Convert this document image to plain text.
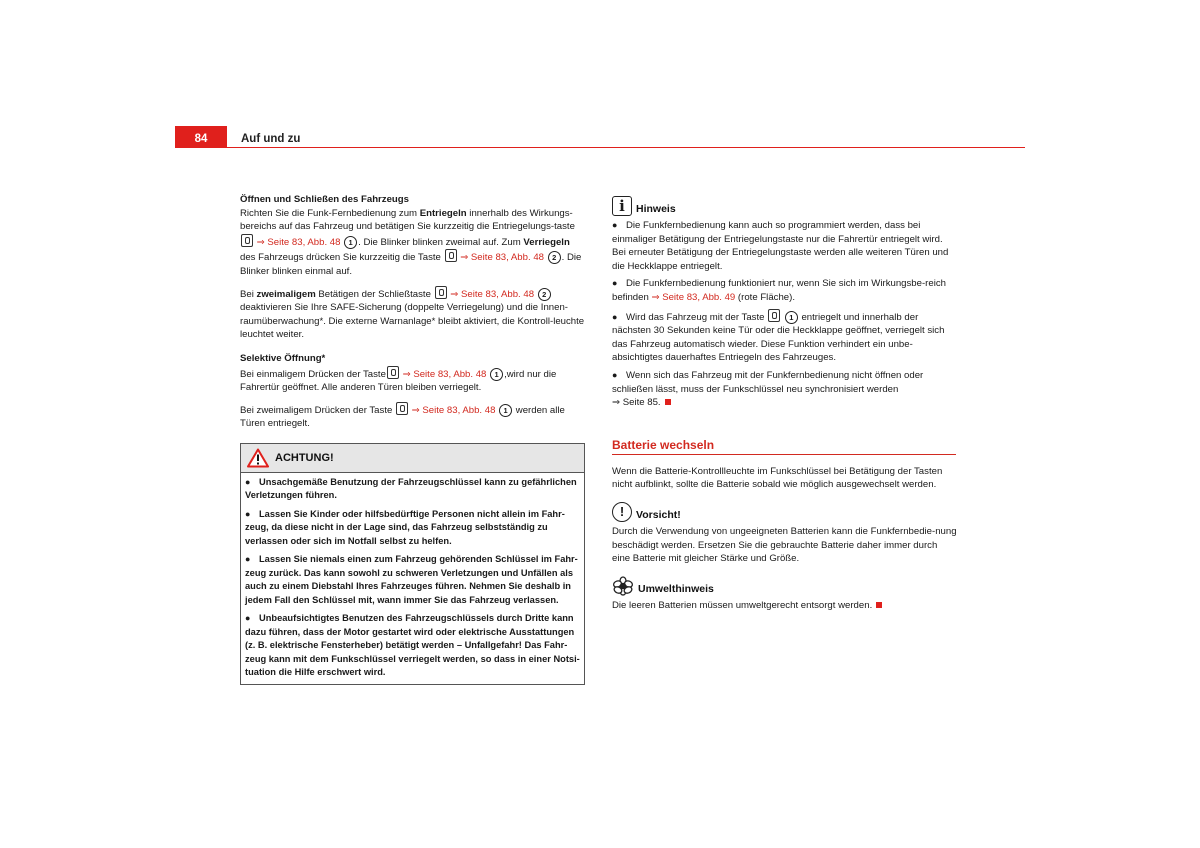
84	Auf und zu
Öffnen und Schließen des Fahrzeugs

Richten Sie die Funk-Fernbedienung zum Entriegeln innerhalb des Wirkungs-bereichs auf das Fahrzeug und betätigen Sie kurzzeitig die Entriegelungs-taste  ⇒ Seite 83, Abb. 48 1 . Die Blinker blinken zweimal auf. Zum Verriegeln des Fahrzeugs drücken Sie kurzzeitig die Taste  ⇒ Seite 83, Abb. 48 2 . Die Blinker blinken einmal auf.

Bei zweimaligem Betätigen der Schließtaste  ⇒ Seite 83, Abb. 48 2 deaktivieren Sie Ihre SAFE-Sicherung (doppelte Verriegelung) und die Innen-raumüberwachung*. Die externe Warnanlage* bleibt aktiviert, die Kontroll-leuchte leuchtet weiter.

Selektive Öffnung*

Bei einmaligem Drücken der Taste ⇒ Seite 83, Abb. 48 1 ,wird nur die Fahrertür geöffnet. Alle anderen Türen bleiben verriegelt.

Bei zweimaligem Drücken der Taste  ⇒ Seite 83, Abb. 48 1 werden alle Türen entriegelt.

ACHTUNG!

● Unsachgemäße Benutzung der Fahrzeugschlüssel kann zu gefährlichen Verletzungen führen.

● Lassen Sie Kinder oder hilfsbedürftige Personen nicht allein im Fahr-zeug, da diese nicht in der Lage sind, das Fahrzeug selbstständig zu verlassen oder sich im Notfall selbst zu helfen.

● Lassen Sie niemals einen zum Fahrzeug gehörenden Schlüssel im Fahr-zeug zurück. Das kann sowohl zu schweren Verletzungen und Unfällen als auch zu einem Diebstahl Ihres Fahrzeuges führen. Nehmen Sie deshalb in jedem Fall den Schlüssel mit, wann immer Sie das Fahrzeug verlassen.

● Unbeaufsichtigtes Benutzen des Fahrzeugschlüssels durch Dritte kann dazu führen, dass der Motor gestartet wird oder elektrische Ausstattungen (z. B. elektrische Fensterheber) betätigt werden – Unfallgefahr! Das Fahr-zeug kann mit dem Funkschlüssel verriegelt werden, so dass in einer Notsi-tuation die Hilfe erschwert wird.

i	Hinweis

● Die Funkfernbedienung kann auch so programmiert werden, dass bei einmaliger Betätigung der Entriegelungstaste nur die Fahrertür entriegelt wird. Bei erneuter Betätigung der Entriegelungstaste werden alle weiteren Türen und die Heckklappe entriegelt.

● Die Funkfernbedienung funktioniert nur, wenn Sie sich im Wirkungsbe-reich befinden ⇒ Seite 83, Abb. 49 (rote Fläche).

● Wird das Fahrzeug mit der Taste	1 entriegelt und innerhalb der nächsten 30 Sekunden keine Tür oder die Heckklappe geöffnet, verriegelt sich das Fahrzeug automatisch wieder. Diese Funktion verhindert ein unbe-absichtigtes dauerhaftes Entriegeln des Fahrzeuges.

● Wenn sich das Fahrzeug mit der Funkfernbedienung nicht öffnen oder schließen lässt, muss der Funkschlüssel neu synchronisiert werden
⇒ Seite 85.

Batterie wechseln

Wenn die Batterie-Kontrollleuchte im Funkschlüssel bei Betätigung der Tasten nicht aufblinkt, sollte die Batterie sobald wie möglich ausgewechselt werden.

!	Vorsicht!

Durch die Verwendung von ungeeigneten Batterien kann die Funkfernbedie-nung beschädigt werden. Ersetzen Sie die gebrauchte Batterie daher immer durch eine Batterie mit gleicher Stärke und Größe.

Umwelthinweis

Die leeren Batterien müssen umweltgerecht entsorgt werden.
